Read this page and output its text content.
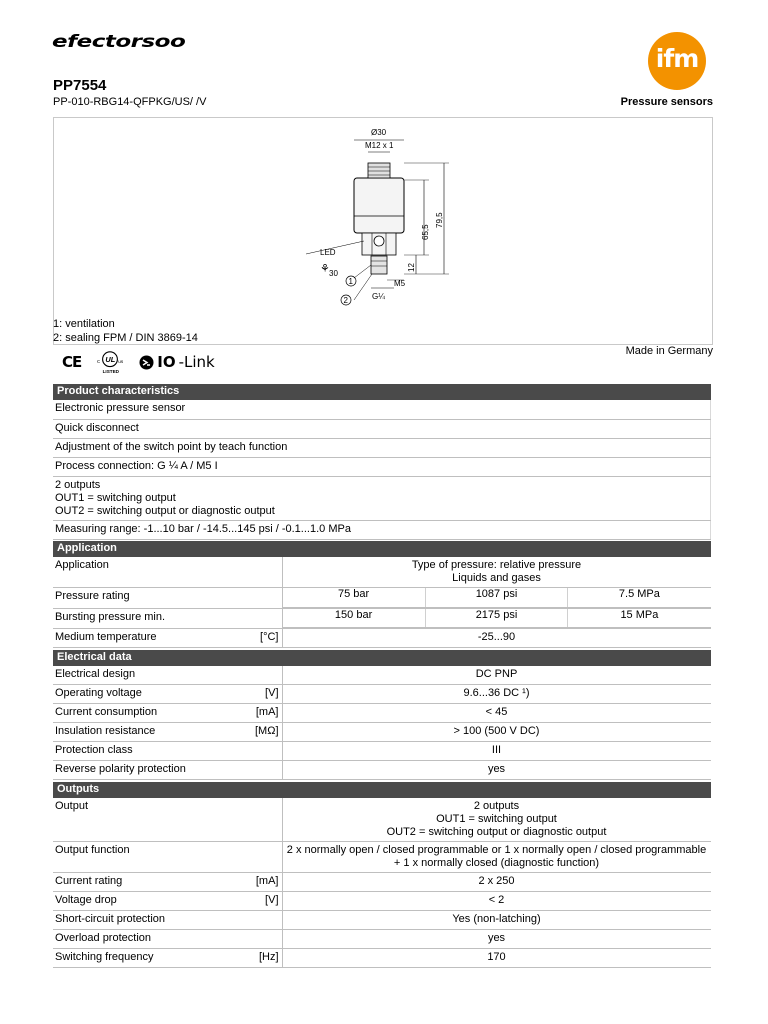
efectorsoo
ifm
PP7554
PP-010-RBG14-QFPKG/US/ /V	Pressure sensors
Ø30
M12 x 1
79,5
65,5
12
M5
G¼
LED
30
⚘
1
2
1: ventilation
2: sealing FPM / DIN 3869-14
CE	UL
c	us
LISTED
IO -Link
Made in Germany
Product characteristics
Electronic pressure sensor
Quick disconnect
Adjustment of the switch point by teach function
Process connection: G ¼ A / M5 I

2 outputs
OUT1 = switching output
OUT2 = switching output or diagnostic output

Measuring range: -1...10 bar / -14.5...145 psi / -0.1...1.0 MPa

Application
Application		Type of pressure: relative pressure
Liquids and gases

Pressure rating			75 bar	1087 psi	7.5 MPa

Bursting pressure min.			150 bar	2175 psi	15 MPa

Medium temperature	[°C]	-25...90

Electrical data
Electrical design		DC PNP
Operating voltage	[V]	9.6...36 DC ¹)
Current consumption	[mA]	< 45
Insulation resistance	[MΩ]	> 100 (500 V DC)
Protection class		III
Reverse polarity protection		yes

Outputs
Output		2 outputs
OUT1 = switching output
OUT2 = switching output or diagnostic output

Output function		2 x normally open / closed programmable or 1 x normally open / closed programmable
+ 1 x normally closed (diagnostic function)

Current rating	[mA]	2 x 250
Voltage drop	[V]	< 2
Short-circuit protection		Yes (non-latching)
Overload protection		yes
Switching frequency	[Hz]	170
